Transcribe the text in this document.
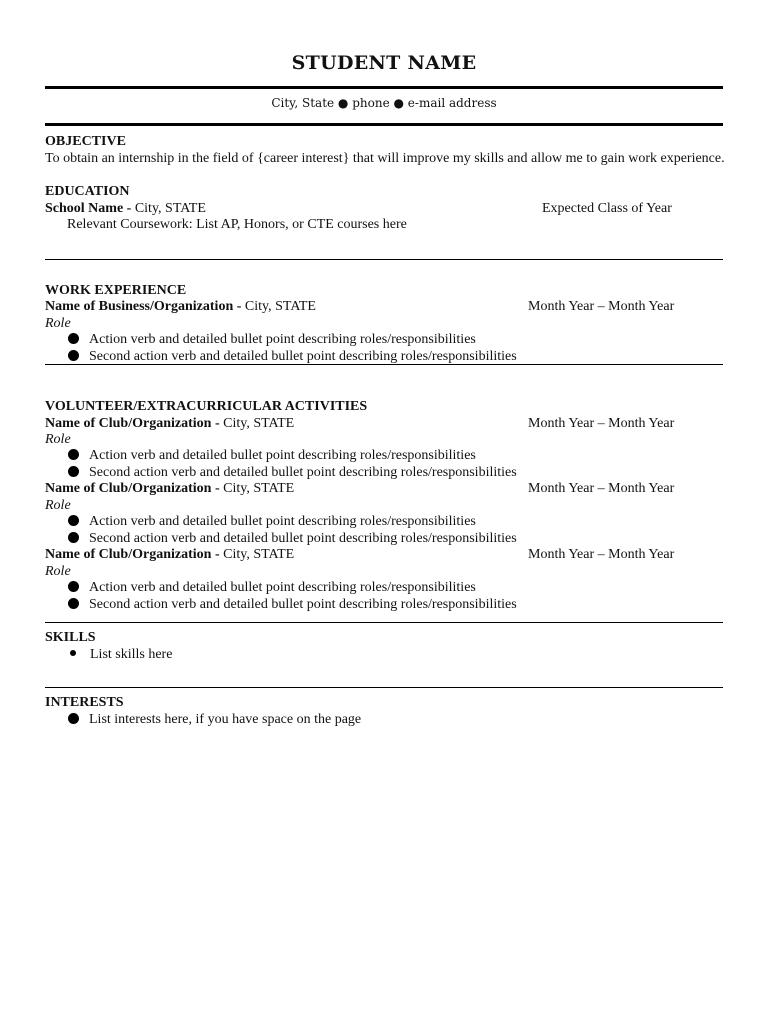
STUDENT NAME
City, State ● phone ● e-mail address
OBJECTIVE
To obtain an internship in the field of {career interest} that will improve my skills and allow me to gain work experience.
EDUCATION
School Name - City, STATE	Expected Class of Year
Relevant Coursework: List AP, Honors, or CTE courses here
WORK EXPERIENCE
Name of Business/Organization - City, STATE	Month Year – Month Year
Role
Action verb and detailed bullet point describing roles/responsibilities
Second action verb and detailed bullet point describing roles/responsibilities
VOLUNTEER/EXTRACURRICULAR ACTIVITIES
Name of Club/Organization - City, STATE	Month Year – Month Year
Role
Action verb and detailed bullet point describing roles/responsibilities
Second action verb and detailed bullet point describing roles/responsibilities
Name of Club/Organization - City, STATE	Month Year – Month Year
Role
Action verb and detailed bullet point describing roles/responsibilities
Second action verb and detailed bullet point describing roles/responsibilities
Name of Club/Organization - City, STATE	Month Year – Month Year
Role
Action verb and detailed bullet point describing roles/responsibilities
Second action verb and detailed bullet point describing roles/responsibilities
SKILLS
List skills here
INTERESTS
List interests here, if you have space on the page
